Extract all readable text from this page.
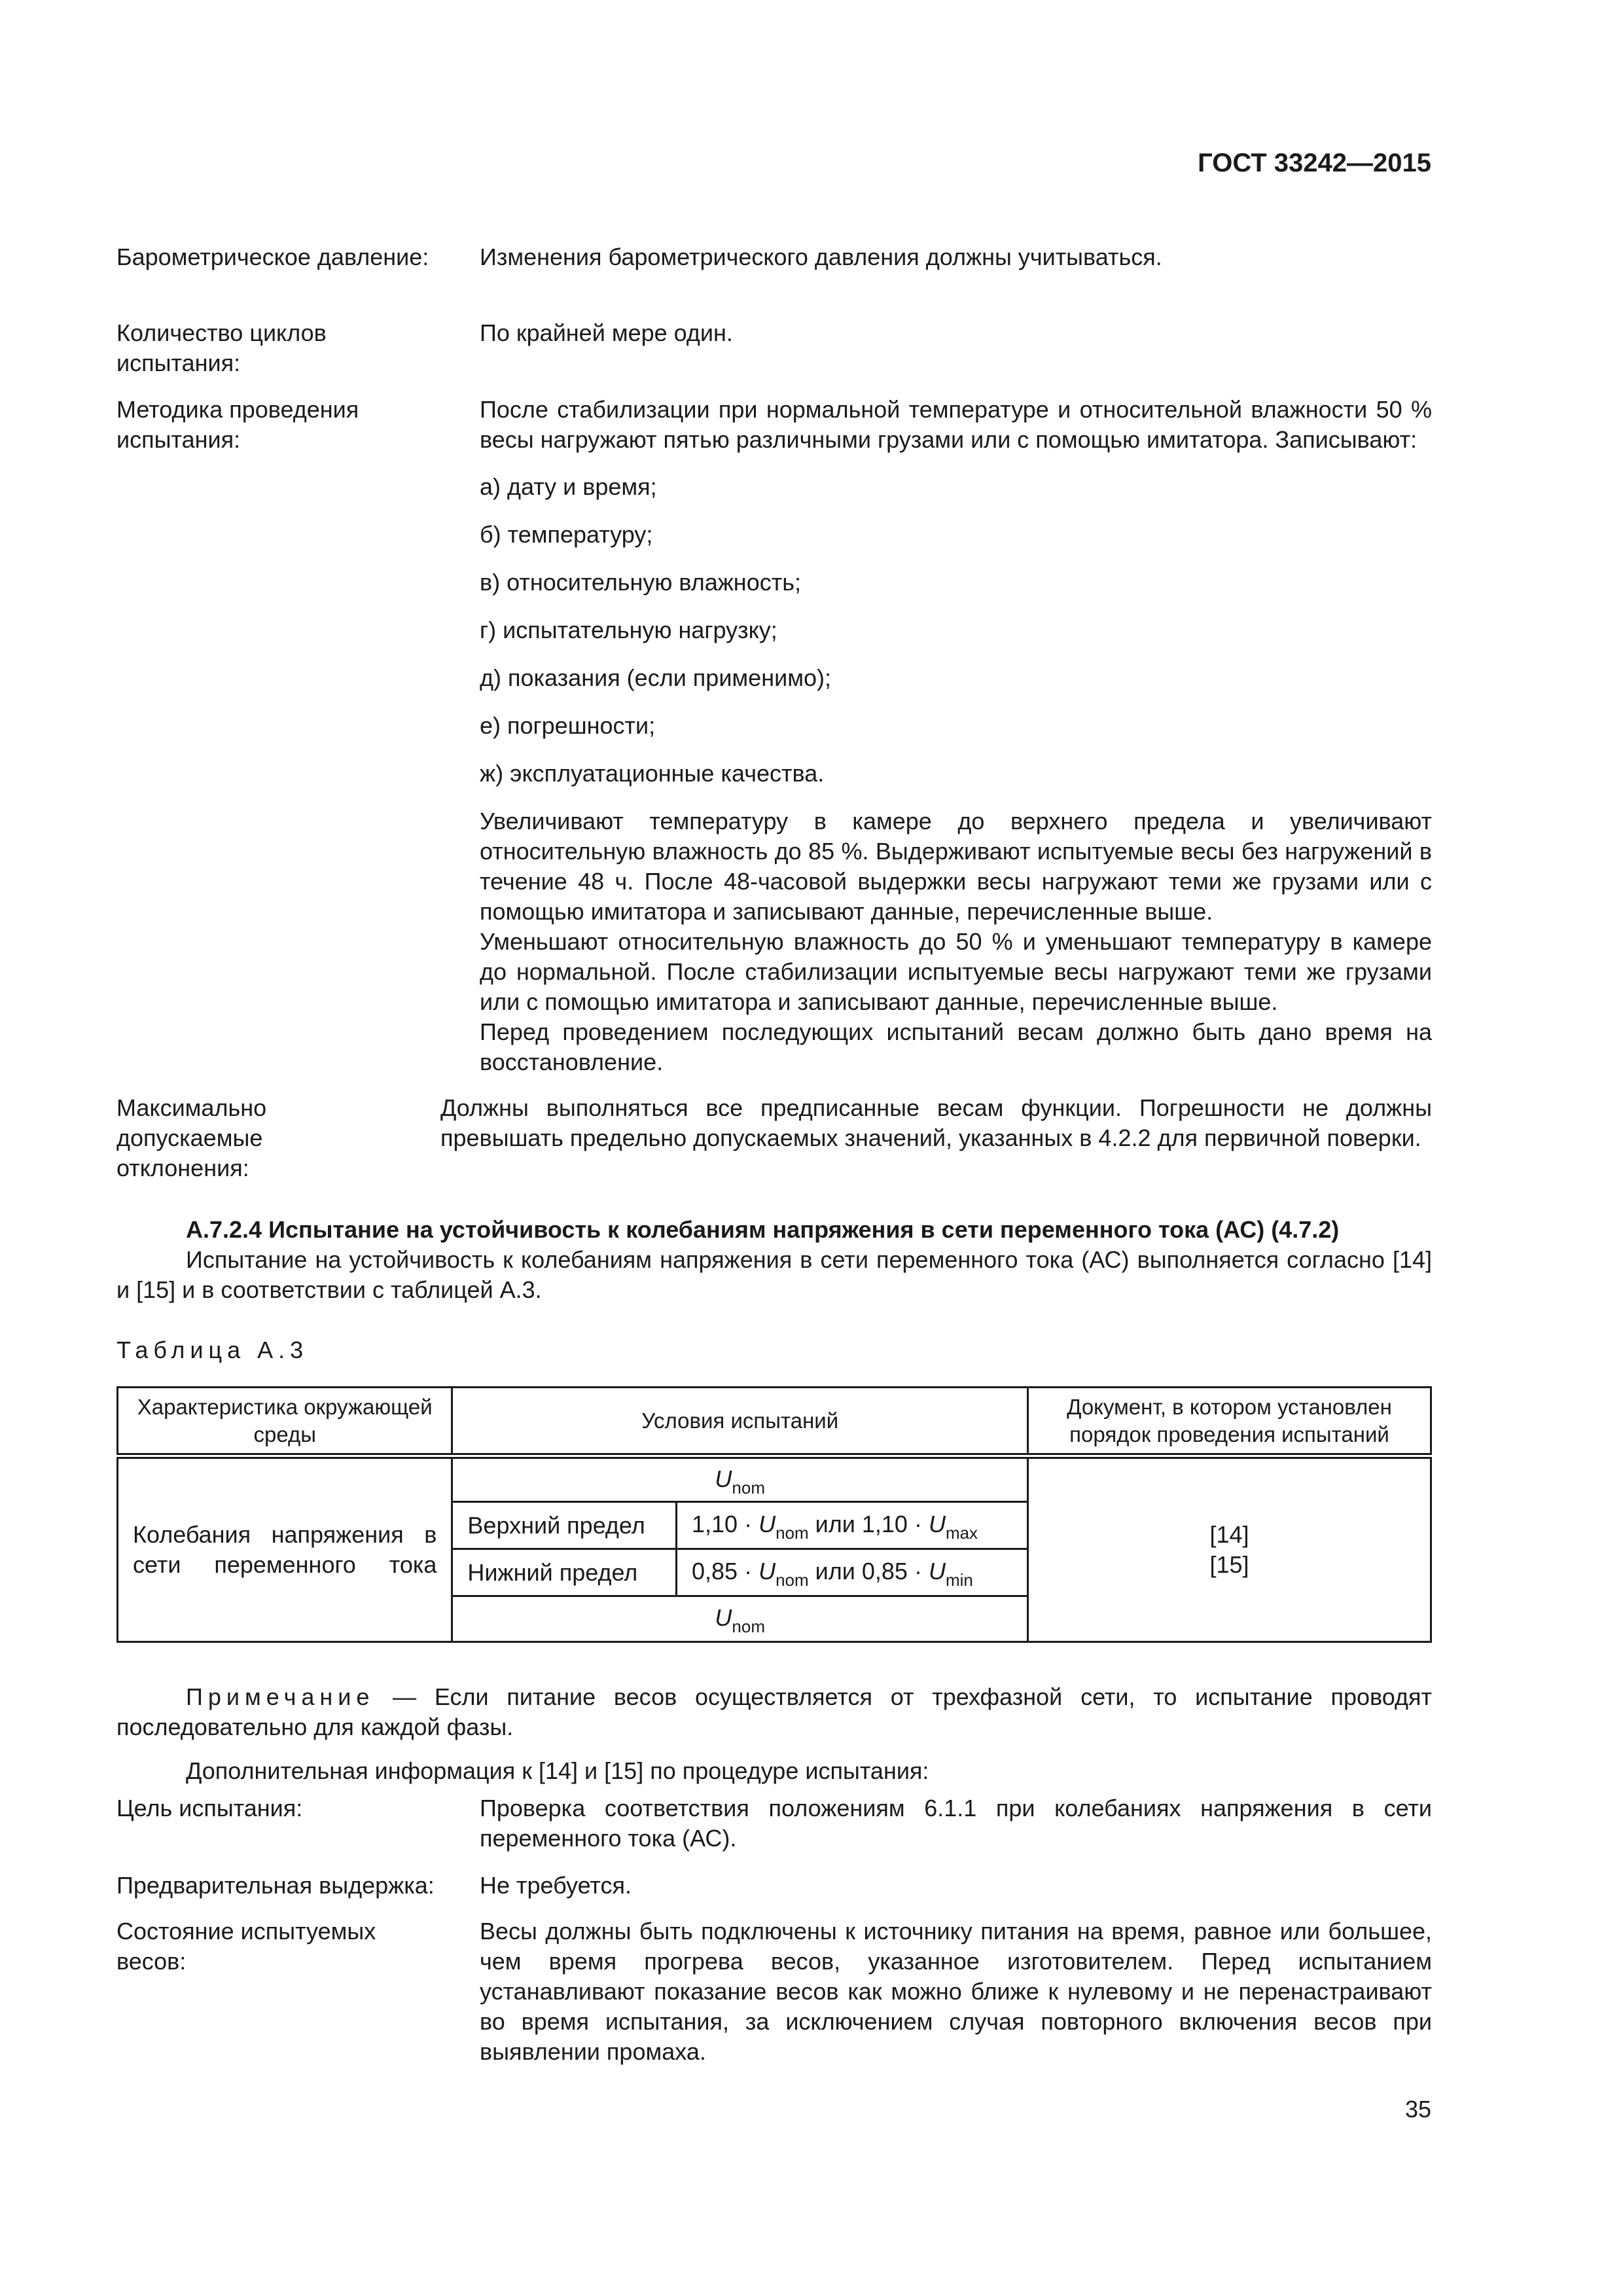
ГОСТ 33242—2015
Барометрическое давление:	Изменения барометрического давления должны учитываться.
Количество циклов испытания:
По крайней мере один.
Методика проведения испытания:
После стабилизации при нормальной температуре и относительной влажности 50 % весы нагружают пятью различными грузами или с помощью имитатора. Записывают:
а) дату и время;
б) температуру;
в) относительную влажность;
г) испытательную нагрузку;
д) показания (если применимо);
е) погрешности;
ж) эксплуатационные качества.
Увеличивают температуру в камере до верхнего предела и увеличивают относительную влажность до 85 %. Выдерживают испытуемые весы без нагружений в течение 48 ч. После 48-часовой выдержки весы нагружают теми же грузами или с помощью имитатора и записывают данные, перечисленные выше.
Уменьшают относительную влажность до 50 % и уменьшают температуру в камере до нормальной. После стабилизации испытуемые весы нагружают теми же грузами или с помощью имитатора и записывают данные, перечисленные выше.
Перед проведением последующих испытаний весам должно быть дано время на восстановление.
Максимально допускаемые отклонения:
Должны выполняться все предписанные весам функции. Погрешности не должны превышать предельно допускаемых значений, указанных в 4.2.2 для первичной поверки.
А.7.2.4 Испытание на устойчивость к колебаниям напряжения в сети переменного тока (АС) (4.7.2)
Испытание на устойчивость к колебаниям напряжения в сети переменного тока (АС) выполняется согласно [14] и [15] и в соответствии с таблицей А.3.
Таблица А.3
Характеристика окружающей среды	Условия испытаний		Документ, в котором установлен порядок проведения испытаний

Колебания напряжения в сети переменного тока	$U_{nom}$		[14]
[15]

	Верхний предел	$1,10 \cdot U_{nom}$ или $1,10 \cdot U_{max}$
	Нижний предел	$0,85 \cdot U_{nom}$ или $0,85 \cdot U_{min}$
	$U_{nom}$
Примечание — Если питание весов осуществляется от трехфазной сети, то испытание проводят последовательно для каждой фазы.
Дополнительная информация к [14] и [15] по процедуре испытания:
Цель испытания:	Проверка соответствия положениям 6.1.1 при колебаниях напряжения в сети переменного тока (АС).
Предварительная выдержка:	Не требуется.
Состояние испытуемых весов:
Весы должны быть подключены к источнику питания на время, равное или большее, чем время прогрева весов, указанное изготовителем. Перед испытанием устанавливают показание весов как можно ближе к нулевому и не перенастраивают во время испытания, за исключением случая повторного включения весов при выявлении промаха.
35
